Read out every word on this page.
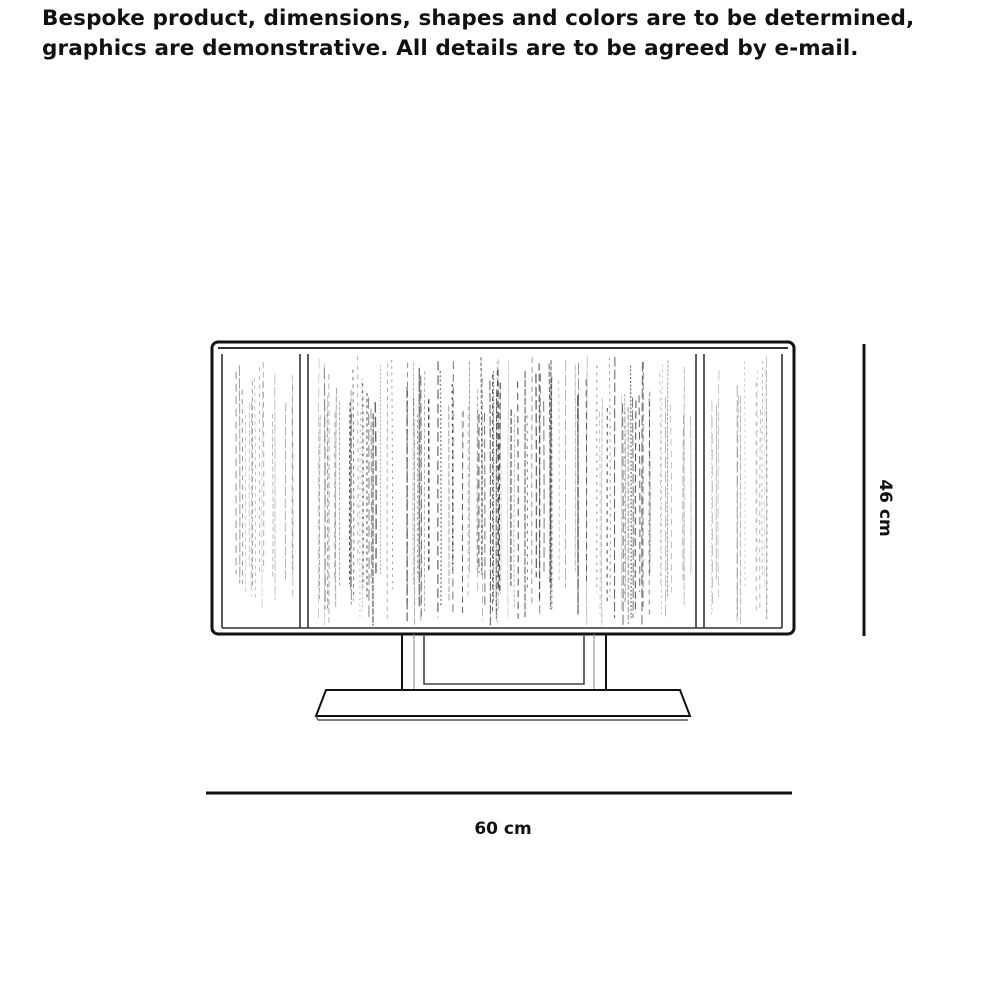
Bespoke product, dimensions, shapes and colors are to be determined, graphics are demonstrative. All details are to be agreed by e-mail.

46 cm
60 cm
